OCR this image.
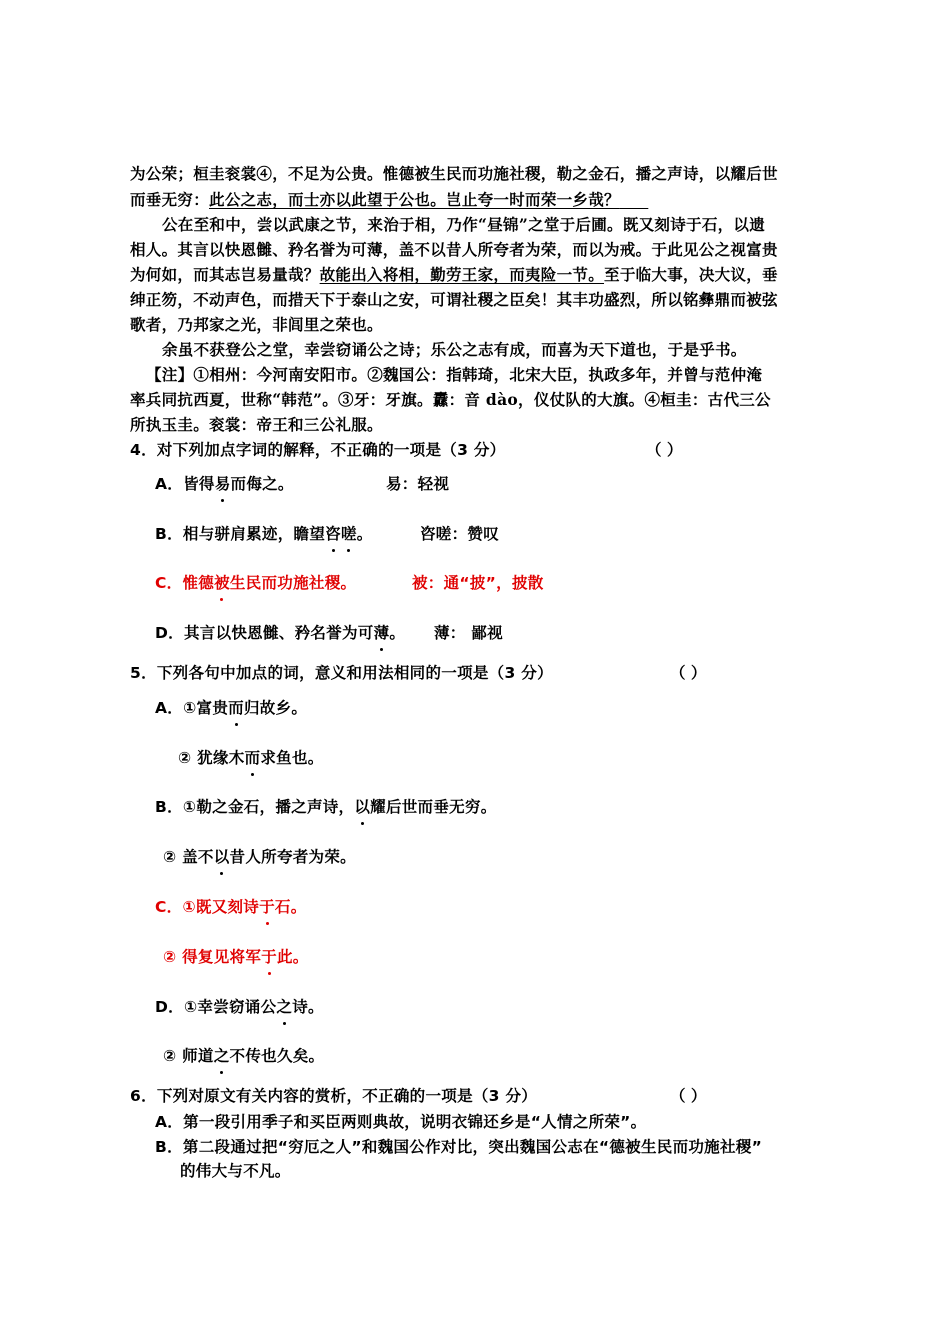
为公荣；桓圭衮裳④，不足为公贵。惟德被生民而功施社稷，勒之金石，播之声诗，以耀后世
而垂无穷：此公之志，而士亦以此望于公也。岂止夸一时而荣一乡哉？
公在至和中，尝以武康之节，来治于相，乃作“昼锦”之堂于后圃。既又刻诗于石，以遗
相人。其言以快恩雠、矜名誉为可薄，盖不以昔人所夸者为荣，而以为戒。于此见公之视富贵
为何如，而其志岂易量哉？故能出入将相，勤劳王家，而夷险一节。至于临大事，决大议，垂
绅正笏，不动声色，而措天下于泰山之安，可谓社稷之臣矣！其丰功盛烈，所以铭彝鼎而被弦
歌者，乃邦家之光，非闾里之荣也。
余虽不获登公之堂，幸尝窃诵公之诗；乐公之志有成，而喜为天下道也，于是乎书。
【注】①相州：今河南安阳市。②魏国公：指韩琦，北宋大臣，执政多年，并曾与范仲淹
率兵同抗西夏，世称“韩范”。③牙：牙旗。纛：音 dào，仪仗队的大旗。④桓圭：古代三公
所执玉圭。衮裳：帝王和三公礼服。
4．对下列加点字词的解释，不正确的一项是（3 分）	（ ）
A．皆得易而侮之。	易：轻视
B．相与骈肩累迹，瞻望咨嗟。	咨嗟：赞叹
C．惟德被生民而功施社稷。	被：通“披”，披散
D．其言以快恩雠、矜名誉为可薄。 薄： 鄙视
5．下列各句中加点的词，意义和用法相同的一项是（3 分）	（ ）
A．①富贵而归故乡。
② 犹缘木而求鱼也。
B．①勒之金石，播之声诗，以耀后世而垂无穷。
② 盖不以昔人所夸者为荣。
C．①既又刻诗于石。
② 得复见将军于此。
D．①幸尝窃诵公之诗。
② 师道之不传也久矣。
6．下列对原文有关内容的赏析，不正确的一项是（3 分）	（ ）
A．第一段引用季子和买臣两则典故，说明衣锦还乡是“人情之所荣”。
B．第二段通过把“穷厄之人”和魏国公作对比，突出魏国公志在“德被生民而功施社稷”
的伟大与不凡。
